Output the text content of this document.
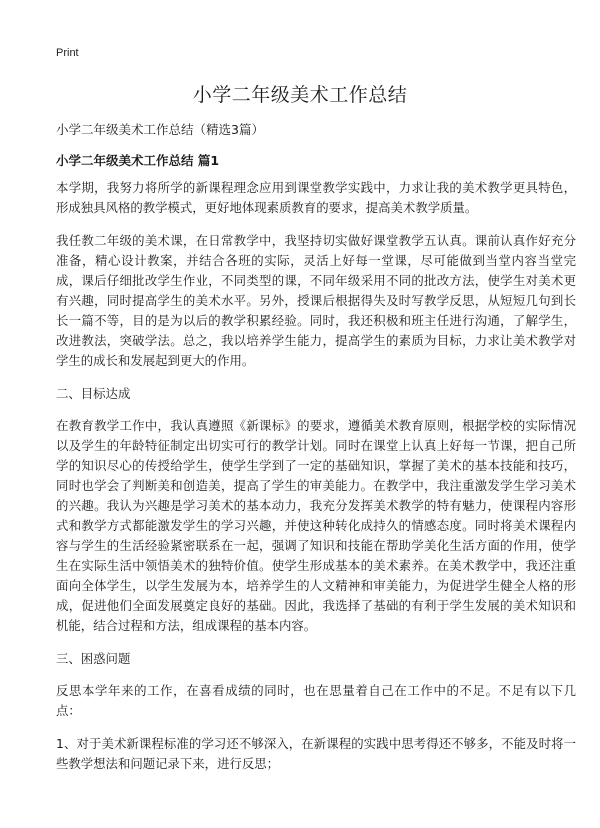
Print
小学二年级美术工作总结

小学二年级美术工作总结（精选3篇）

小学二年级美术工作总结 篇1

本学期，我努力将所学的新课程理念应用到课堂教学实践中，力求让我的美术教学更具特色，形成独具风格的教学模式，更好地体现素质教育的要求，提高美术教学质量。

我任教二年级的美术课，在日常教学中，我坚持切实做好课堂教学五认真。课前认真作好充分准备，精心设计教案，并结合各班的实际，灵活上好每一堂课，尽可能做到当堂内容当堂完成，课后仔细批改学生作业，不同类型的课，不同年级采用不同的批改方法，使学生对美术更有兴趣，同时提高学生的美术水平。另外，授课后根据得失及时写教学反思，从短短几句到长长一篇不等，目的是为以后的教学积累经验。同时，我还积极和班主任进行沟通，了解学生，改进教法，突破学法。总之，我以培养学生能力，提高学生的素质为目标，力求让美术教学对学生的成长和发展起到更大的作用。

二、目标达成

在教育教学工作中，我认真遵照《新课标》的要求，遵循美术教育原则，根据学校的实际情况以及学生的年龄特征制定出切实可行的教学计划。同时在课堂上认真上好每一节课，把自己所学的知识尽心的传授给学生，使学生学到了一定的基础知识，掌握了美术的基本技能和技巧，同时也学会了判断美和创造美，提高了学生的审美能力。在教学中，我注重激发学生学习美术的兴趣。我认为兴趣是学习美术的基本动力，我充分发挥美术教学的特有魅力，使课程内容形式和教学方式都能激发学生的学习兴趣，并使这种转化成持久的情感态度。同时将美术课程内容与学生的生活经验紧密联系在一起，强调了知识和技能在帮助学美化生活方面的作用，使学生在实际生活中领悟美术的独特价值。使学生形成基本的美术素养。在美术教学中，我还注重面向全体学生，以学生发展为本，培养学生的人文精神和审美能力，为促进学生健全人格的形成，促进他们全面发展奠定良好的基础。因此，我选择了基础的有利于学生发展的美术知识和机能，结合过程和方法，组成课程的基本内容。

三、困惑问题

反思本学年来的工作，在喜看成绩的同时，也在思量着自己在工作中的不足。不足有以下几点：

1、对于美术新课程标准的学习还不够深入，在新课程的实践中思考得还不够多，不能及时将一些教学想法和问题记录下来，进行反思；
